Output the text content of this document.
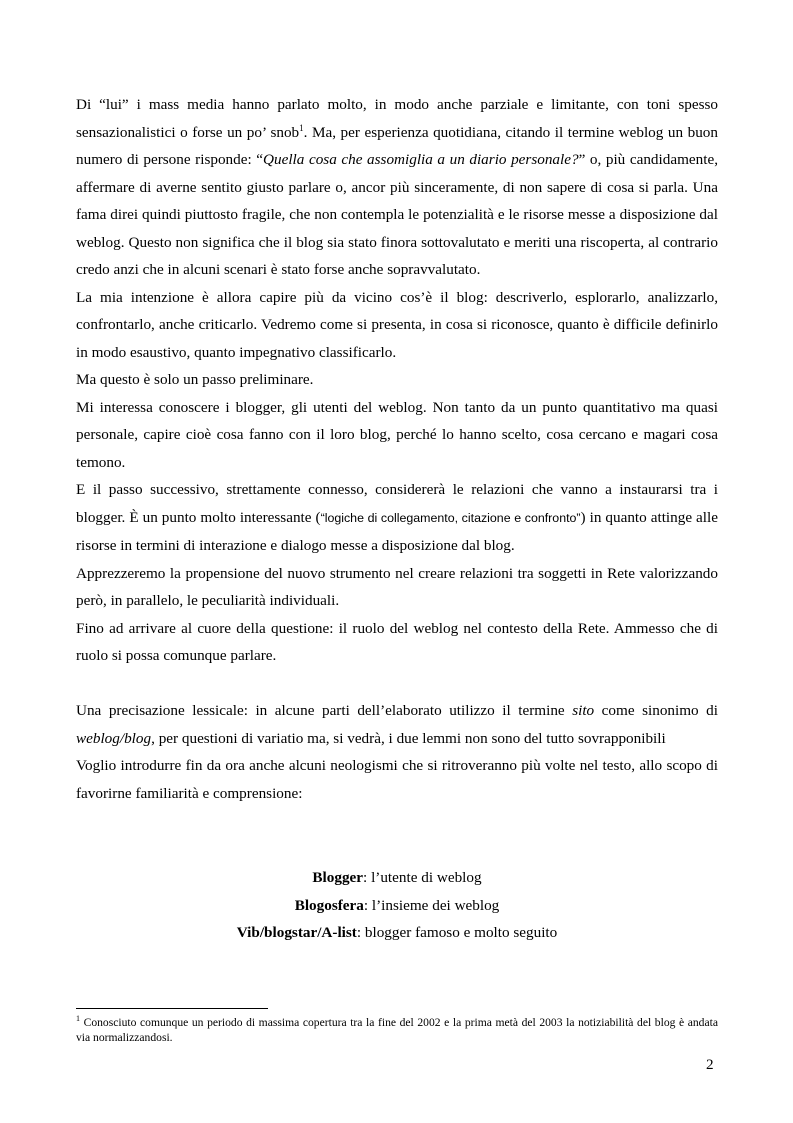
Di “lui” i mass media hanno parlato molto, in modo anche parziale e limitante, con toni spesso sensazionalistici o forse un po’ snob$^1$. Ma, per esperienza quotidiana, citando il termine weblog un buon numero di persone risponde: “Quella cosa che assomiglia a un diario personale?” o, più candidamente, affermare di averne sentito giusto parlare o, ancor più sinceramente, di non sapere di cosa si parla. Una fama direi quindi piuttosto fragile, che non contempla le potenzialità e le risorse messe a disposizione dal weblog. Questo non significa che il blog sia stato finora sottovalutato e meriti una riscoperta, al contrario credo anzi che in alcuni scenari è stato forse anche sopravvalutato.

La mia intenzione è allora capire più da vicino cos’è il blog: descriverlo, esplorarlo, analizzarlo, confrontarlo, anche criticarlo. Vedremo come si presenta, in cosa si riconosce, quanto è difficile definirlo in modo esaustivo, quanto impegnativo classificarlo.

Ma questo è solo un passo preliminare.

Mi interessa conoscere i blogger, gli utenti del weblog. Non tanto da un punto quantitativo ma quasi personale, capire cioè cosa fanno con il loro blog, perché lo hanno scelto, cosa cercano e magari cosa temono.

E il passo successivo, strettamente connesso, considererà le relazioni che vanno a instaurarsi tra i blogger. È un punto molto interessante (“logiche di collegamento, citazione e confronto”) in quanto attinge alle risorse in termini di interazione e dialogo messe a disposizione dal blog.

Apprezzeremo la propensione del nuovo strumento nel creare relazioni tra soggetti in Rete valorizzando però, in parallelo, le peculiarità individuali.

Fino ad arrivare al cuore della questione: il ruolo del weblog nel contesto della Rete. Ammesso che di ruolo si possa comunque parlare.

Una precisazione lessicale: in alcune parti dell’elaborato utilizzo il termine sito come sinonimo di weblog/blog, per questioni di variatio ma, si vedrà, i due lemmi non sono del tutto sovrapponibili

Voglio introdurre fin da ora anche alcuni neologismi che si ritroveranno più volte nel testo, allo scopo di favorirne familiarità e comprensione:

Blogger: l’utente di weblog
Blogosfera: l’insieme dei weblog
Vib/blogstar/A-list: blogger famoso e molto seguito
$^1$ Conosciuto comunque un periodo di massima copertura tra la fine del 2002 e la prima metà del 2003 la notiziabilità del blog è andata via normalizzandosi.
2
